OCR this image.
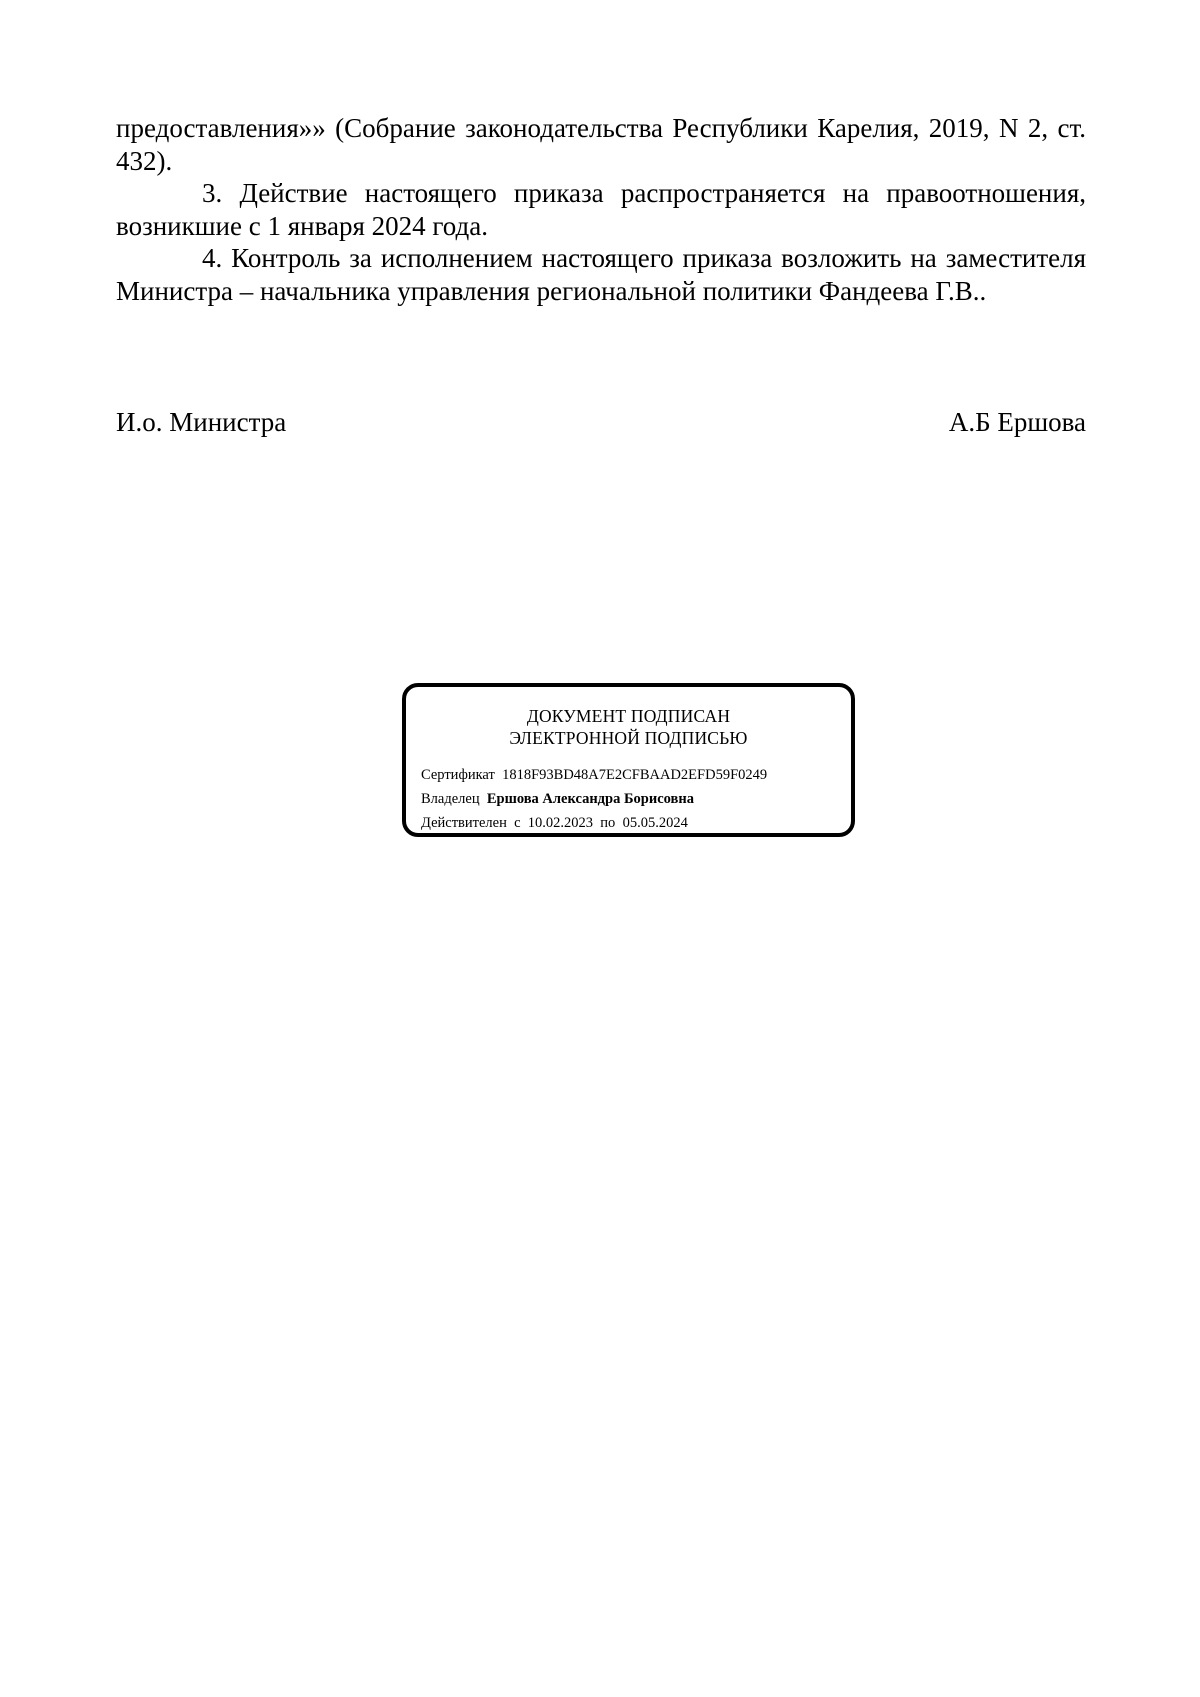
предоставления»» (Собрание законодательства Республики Карелия, 2019, N 2, ст. 432).

3. Действие настоящего приказа распространяется на правоотношения, возникшие с 1 января 2024 года.

4. Контроль за исполнением настоящего приказа возложить на заместителя Министра – начальника управления региональной политики Фандеева Г.В..

И.о. Министра	А.Б Ершова
ДОКУМЕНТ ПОДПИСАН
ЭЛЕКТРОННОЙ ПОДПИСЬЮ
Сертификат 1818F93BD48A7E2CFBAAD2EFD59F0249
Владелец Ершова Александра Борисовна
Действителен с 10.02.2023 по 05.05.2024
